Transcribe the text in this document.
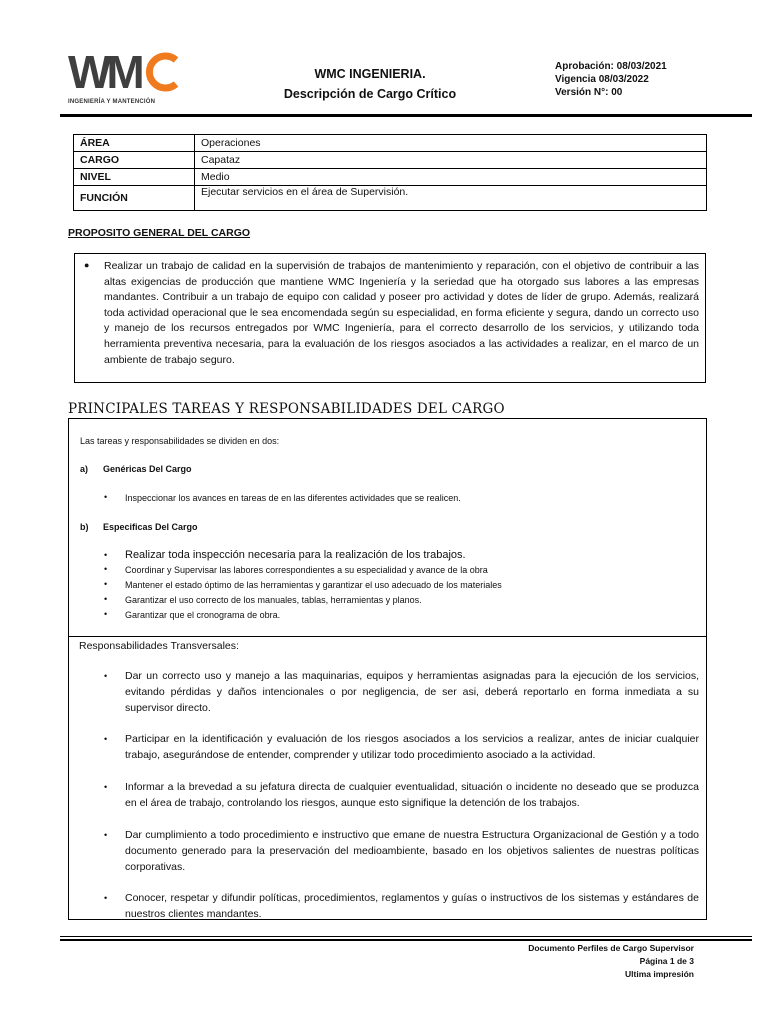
WM
INGENIERÍA Y MANTENCIÓN
WMC INGENIERIA.
Descripción de Cargo Crítico
Aprobación: 08/03/2021
Vigencia 08/03/2022
Versión N°: 00
ÁREA	Operaciones
CARGO	Capataz
NIVEL	Medio
FUNCIÓN	Ejecutar servicios en el área de Supervisión.
PROPOSITO GENERAL DEL CARGO
● Realizar un trabajo de calidad en la supervisión de trabajos de mantenimiento y reparación, con el objetivo de contribuir a las altas exigencias de producción que mantiene WMC Ingeniería y la seriedad que ha otorgado sus labores a las empresas mandantes. Contribuir a un trabajo de equipo con calidad y poseer pro actividad y dotes de líder de grupo. Además, realizará toda actividad operacional que le sea encomendada según su especialidad, en forma eficiente y segura, dando un correcto uso y manejo de los recursos entregados por WMC Ingeniería, para el correcto desarrollo de los servicios, y utilizando toda herramienta preventiva necesaria, para la evaluación de los riesgos asociados a las actividades a realizar, en el marco de un ambiente de trabajo seguro.
PRINCIPALES TAREAS Y RESPONSABILIDADES DEL CARGO
Las tareas y responsabilidades se dividen en dos:
a) Genéricas Del Cargo
• Inspeccionar los avances en tareas de en las diferentes actividades que se realicen.
b) Especificas Del Cargo
• Realizar toda inspección necesaria para la realización de los trabajos.
• Coordinar y Supervisar las labores correspondientes a su especialidad y avance de la obra
• Mantener el estado óptimo de las herramientas y garantizar el uso adecuado de los materiales
• Garantizar el uso correcto de los manuales, tablas, herramientas y planos.
• Garantizar que el cronograma de obra.
Responsabilidades Transversales:
• Dar un correcto uso y manejo a las maquinarias, equipos y herramientas asignadas para la ejecución de los servicios, evitando pérdidas y daños intencionales o por negligencia, de ser asi, deberá reportarlo en forma inmediata a su supervisor directo.
• Participar en la identificación y evaluación de los riesgos asociados a los servicios a realizar, antes de iniciar cualquier trabajo, asegurándose de entender, comprender y utilizar todo procedimiento asociado a la actividad.
• Informar a la brevedad a su jefatura directa de cualquier eventualidad, situación o incidente no deseado que se produzca en el área de trabajo, controlando los riesgos, aunque esto signifique la detención de los trabajos.
• Dar cumplimiento a todo procedimiento e instructivo que emane de nuestra Estructura Organizacional de Gestión y a todo documento generado para la preservación del medioambiente, basado en los objetivos salientes de nuestras políticas corporativas.
• Conocer, respetar y difundir políticas, procedimientos, reglamentos y guías o instructivos de los sistemas y estándares de nuestros clientes mandantes.
Documento Perfiles de Cargo Supervisor
Página 1 de 3
Ultima impresión
